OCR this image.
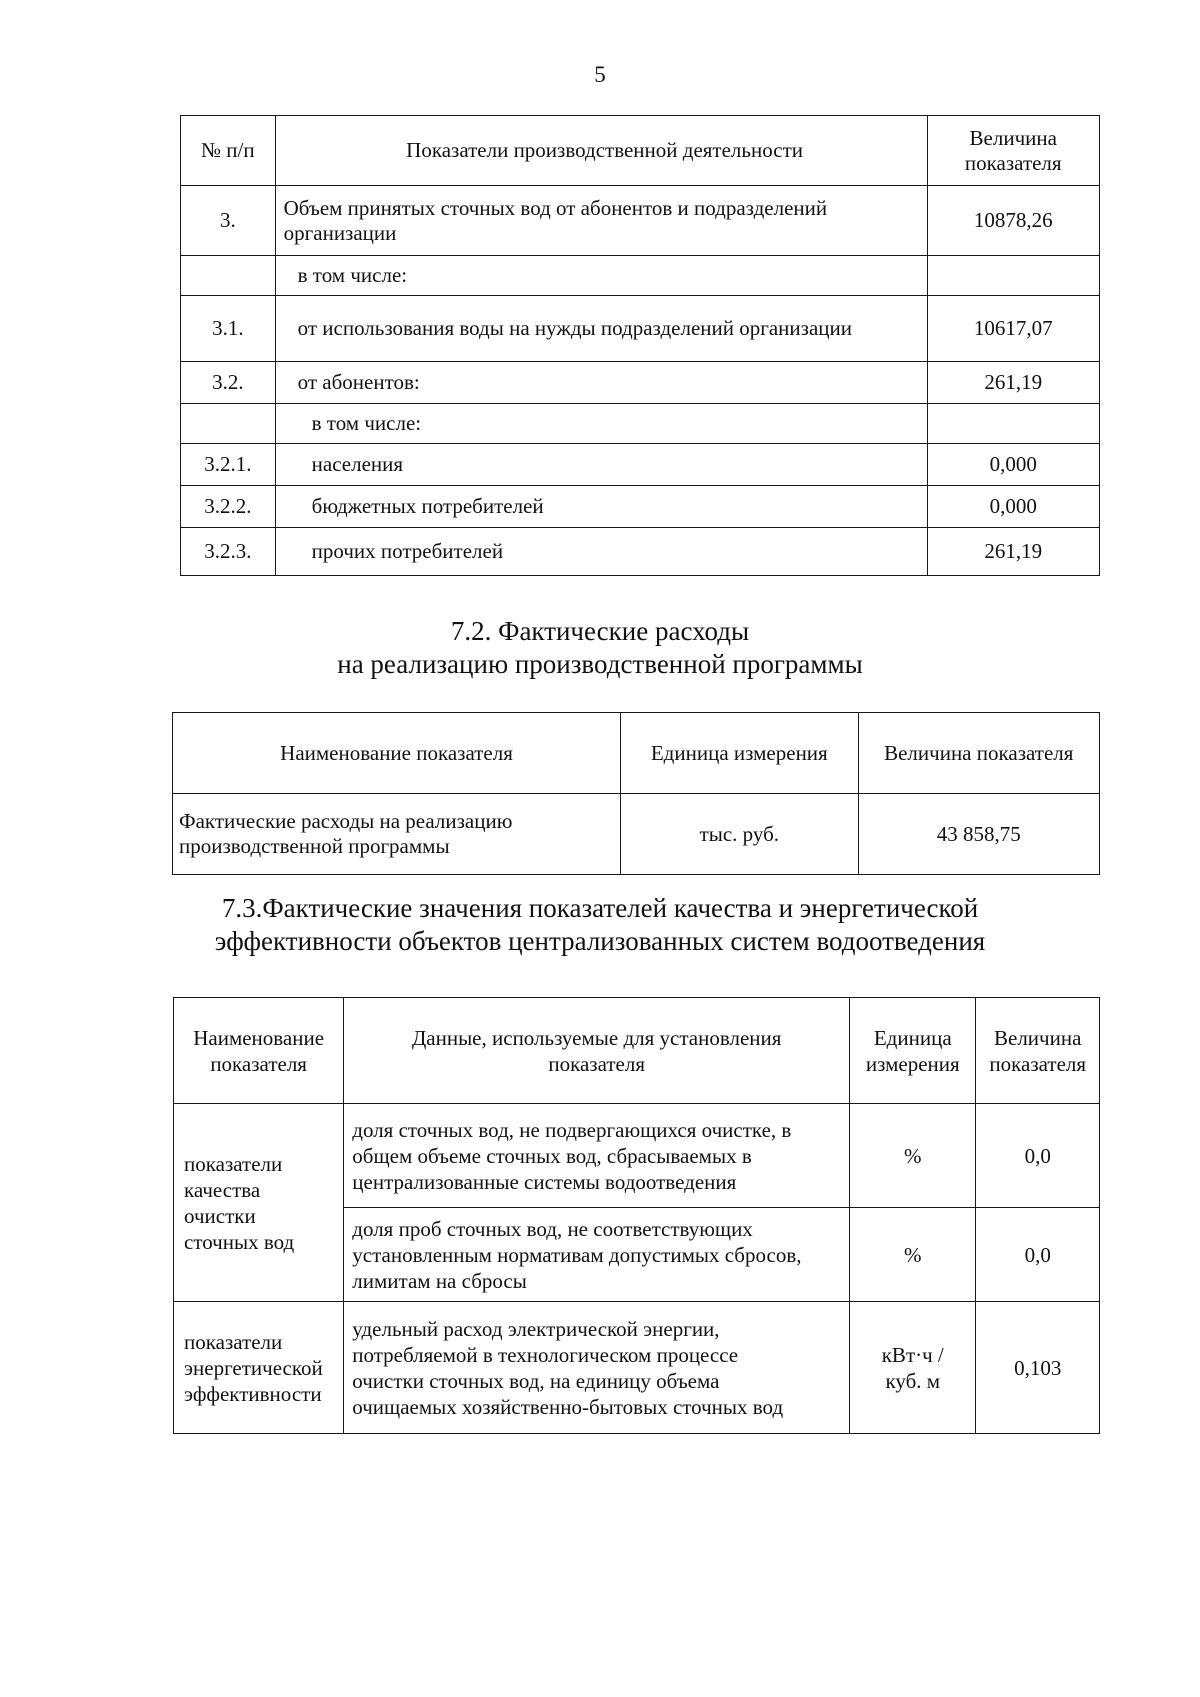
5
№ п/п	Показатели производственной деятельности	Величина показателя
3.	Объем принятых сточных вод от абонентов и подразделений организации	10878,26
	в том числе:	
3.1.	от использования воды на нужды подразделений организации	10617,07
3.2.	от абонентов:	261,19
	в том числе:	
3.2.1.	населения	0,000
3.2.2.	бюджетных потребителей	0,000
3.2.3.	прочих потребителей	261,19
7.2. Фактические расходы
на реализацию производственной программы
Наименование показателя	Единица измерения	Величина показателя
Фактические расходы на реализацию производственной программы	тыс. руб.	43 858,75
7.3.Фактические значения показателей качества и энергетической
эффективности объектов централизованных систем водоотведения
Наименование показателя	Данные, используемые для установления показателя	Единица измерения	Величина показателя
показатели качества очистки сточных вод	доля сточных вод, не подвергающихся очистке, в общем объеме сточных вод, сбрасываемых в централизованные системы водоотведения	%	0,0
	доля проб сточных вод, не соответствующих установленным нормативам допустимых сбросов, лимитам на сбросы	%	0,0
показатели энергетической эффективности	удельный расход электрической энергии, потребляемой в технологическом процессе очистки сточных вод, на единицу объема очищаемых хозяйственно-бытовых сточных вод	кВт·ч / куб. м	0,103
